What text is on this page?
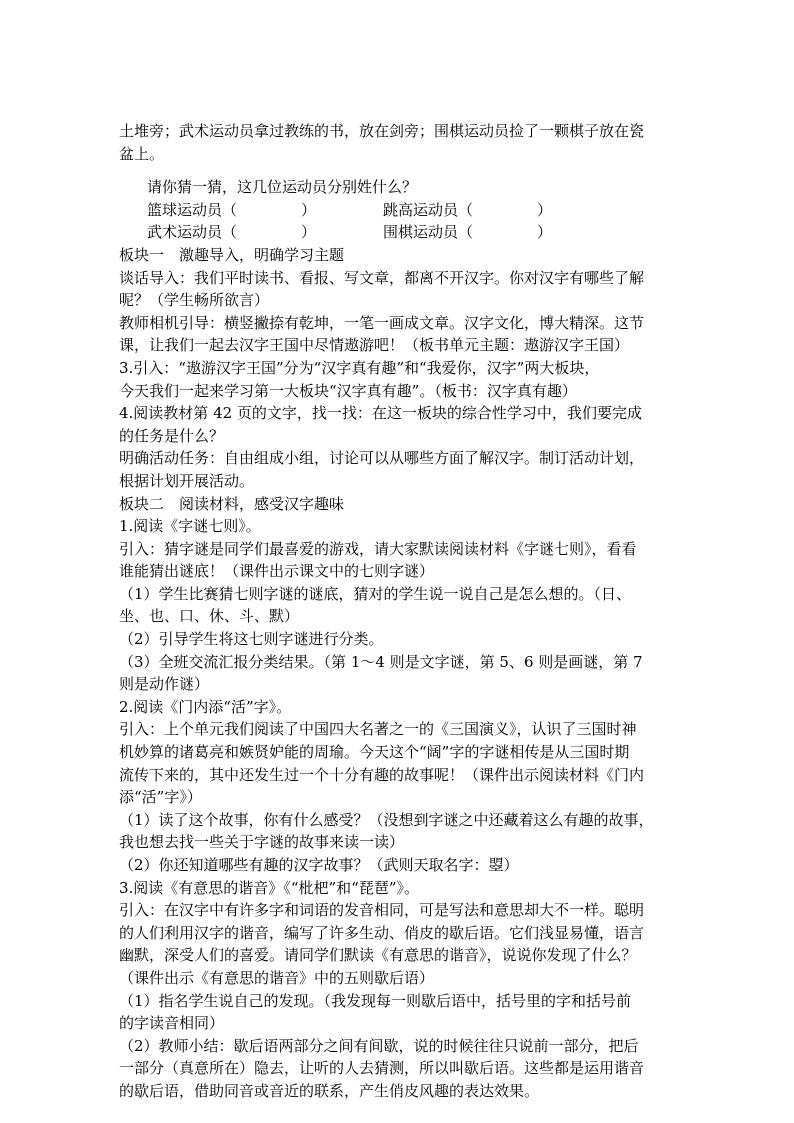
土堆旁；武术运动员拿过教练的书，放在剑旁；围棋运动员捡了一颗棋子放在瓷
盆上。
请你猜一猜，这几位运动员分别姓什么？
篮球运动员（	）	跳高运动员（	）
武术运动员（	）	围棋运动员（	）
板块一　激趣导入，明确学习主题
谈话导入：我们平时读书、看报、写文章，都离不开汉字。你对汉字有哪些了解
呢？（学生畅所欲言）
教师相机引导：横竖撇捺有乾坤，一笔一画成文章。汉字文化，博大精深。这节
课，让我们一起去汉字王国中尽情遨游吧！（板书单元主题：遨游汉字王国）
3.引入：“遨游汉字王国”分为“汉字真有趣”和“我爱你，汉字”两大板块，
今天我们一起来学习第一大板块“汉字真有趣”。（板书：汉字真有趣）
4.阅读教材第 42 页的文字，找一找：在这一板块的综合性学习中，我们要完成
的任务是什么？
明确活动任务：自由组成小组，讨论可以从哪些方面了解汉字。制订活动计划，
根据计划开展活动。
板块二　阅读材料，感受汉字趣味
1.阅读《字谜七则》。
引入：猜字谜是同学们最喜爱的游戏，请大家默读阅读材料《字谜七则》，看看
谁能猜出谜底！（课件出示课文中的七则字谜）
（1）学生比赛猜七则字谜的谜底，猜对的学生说一说自己是怎么想的。（日、
坐、也、口、休、斗、默）
（2）引导学生将这七则字谜进行分类。
（3）全班交流汇报分类结果。（第 1～4 则是文字谜，第 5、6 则是画谜，第 7
则是动作谜）
2.阅读《门内添“活”字》。
引入：上个单元我们阅读了中国四大名著之一的《三国演义》，认识了三国时神
机妙算的诸葛亮和嫉贤妒能的周瑜。今天这个“阔”字的字谜相传是从三国时期
流传下来的，其中还发生过一个十分有趣的故事呢！（课件出示阅读材料《门内
添“活”字》）
（1）读了这个故事，你有什么感受？（没想到字谜之中还藏着这么有趣的故事，
我也想去找一些关于字谜的故事来读一读）
（2）你还知道哪些有趣的汉字故事？（武则天取名字：曌）
3.阅读《有意思的谐音》《“枇杷”和“琵琶”》。
引入：在汉字中有许多字和词语的发音相同，可是写法和意思却大不一样。聪明
的人们利用汉字的谐音，编写了许多生动、俏皮的歇后语。它们浅显易懂，语言
幽默，深受人们的喜爱。请同学们默读《有意思的谐音》，说说你发现了什么？
（课件出示《有意思的谐音》中的五则歇后语）
（1）指名学生说自己的发现。（我发现每一则歇后语中，括号里的字和括号前
的字读音相同）
（2）教师小结：歇后语两部分之间有间歇，说的时候往往只说前一部分，把后
一部分（真意所在）隐去，让听的人去猜测，所以叫歇后语。这些都是运用谐音
的歇后语，借助同音或音近的联系，产生俏皮风趣的表达效果。
